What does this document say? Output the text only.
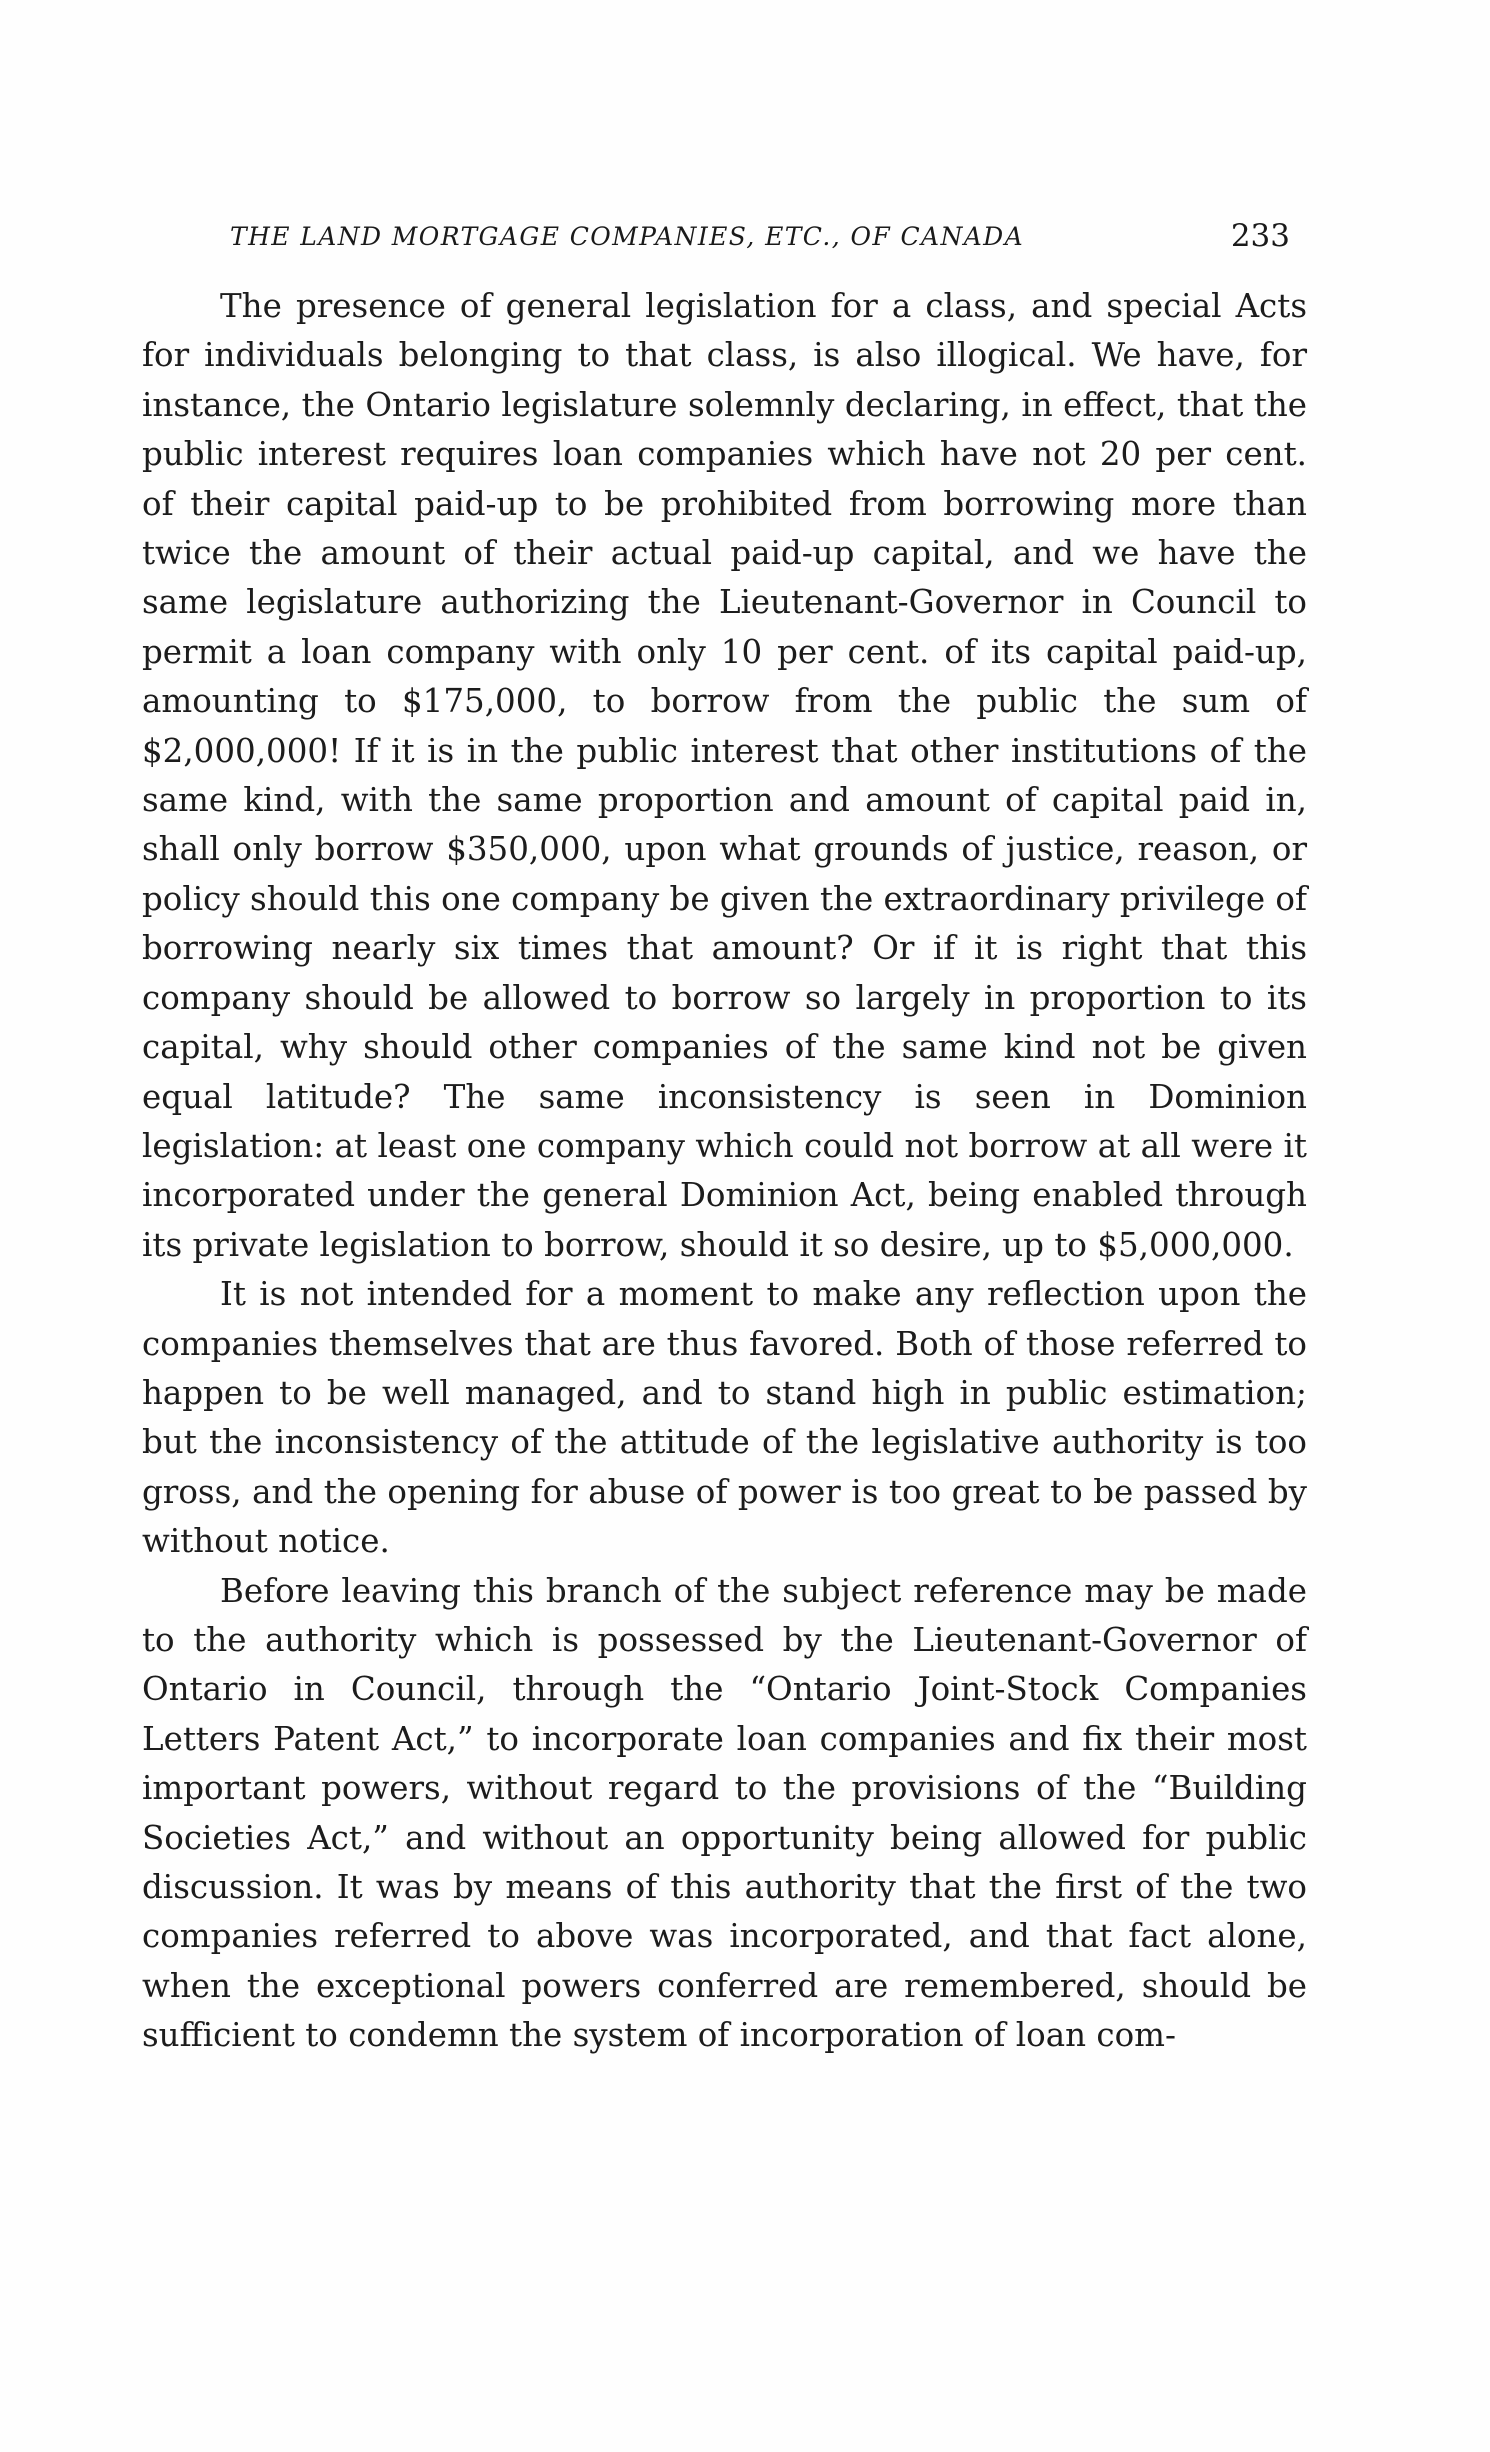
THE LAND MORTGAGE COMPANIES, ETC., OF CANADA	233

The presence of general legislation for a class, and special Acts for individuals belonging to that class, is also illogical. We have, for instance, the Ontario legislature solemnly declaring, in effect, that the public interest requires loan companies which have not 20 per cent. of their capital paid-up to be prohibited from borrowing more than twice the amount of their actual paid-up capital, and we have the same legislature authorizing the Lieutenant-Governor in Council to permit a loan company with only 10 per cent. of its capital paid-up, amounting to $175,000, to borrow from the public the sum of $2,000,000! If it is in the public interest that other institutions of the same kind, with the same proportion and amount of capital paid in, shall only borrow $350,000, upon what grounds of justice, reason, or policy should this one company be given the extraordinary privilege of borrowing nearly six times that amount? Or if it is right that this company should be allowed to borrow so largely in proportion to its capital, why should other companies of the same kind not be given equal latitude? The same inconsistency is seen in Dominion legislation: at least one company which could not borrow at all were it incorporated under the general Dominion Act, being enabled through its private legislation to borrow, should it so desire, up to $5,000,000.

It is not intended for a moment to make any reflection upon the companies themselves that are thus favored. Both of those referred to happen to be well managed, and to stand high in public estimation; but the inconsistency of the attitude of the legislative authority is too gross, and the opening for abuse of power is too great to be passed by without notice.

Before leaving this branch of the subject reference may be made to the authority which is possessed by the Lieutenant-Governor of Ontario in Council, through the “Ontario Joint-Stock Companies Letters Patent Act,” to incorporate loan companies and fix their most important powers, without regard to the provisions of the “Building Societies Act,” and without an opportunity being allowed for public discussion. It was by means of this authority that the first of the two companies referred to above was incorporated, and that fact alone, when the exceptional powers conferred are remembered, should be sufficient to condemn the system of incorporation of loan com-
